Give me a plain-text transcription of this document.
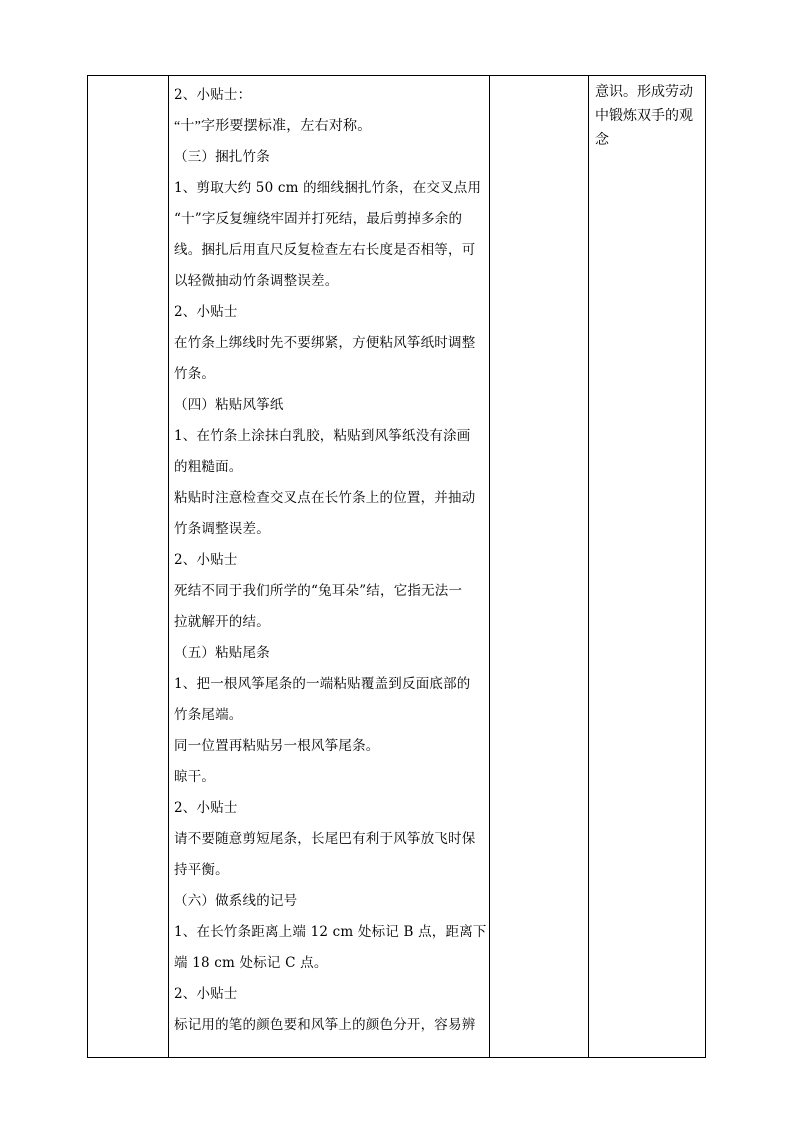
2、小贴士：
“十”字形要摆标准，左右对称。
（三）捆扎竹条
1、剪取大约 50 cm 的细线捆扎竹条，在交叉点用
“十”字反复缠绕牢固并打死结，最后剪掉多余的
线。捆扎后用直尺反复检查左右长度是否相等，可
以轻微抽动竹条调整误差。
2、小贴士
在竹条上绑线时先不要绑紧，方便粘风筝纸时调整
竹条。
（四）粘贴风筝纸
1、在竹条上涂抹白乳胶，粘贴到风筝纸没有涂画
的粗糙面。
粘贴时注意检查交叉点在长竹条上的位置，并抽动
竹条调整误差。
2、小贴士
死结不同于我们所学的“兔耳朵”结，它指无法一
拉就解开的结。
（五）粘贴尾条
1、把一根风筝尾条的一端粘贴覆盖到反面底部的
竹条尾端。
同一位置再粘贴另一根风筝尾条。
晾干。
2、小贴士
请不要随意剪短尾条，长尾巴有利于风筝放飞时保
持平衡。
（六）做系线的记号
1、在长竹条距离上端 12 cm 处标记 B 点，距离下
端 18 cm 处标记 C 点。
2、小贴士
标记用的笔的颜色要和风筝上的颜色分开，容易辨
意识。形成劳动
中锻炼双手的观
念
